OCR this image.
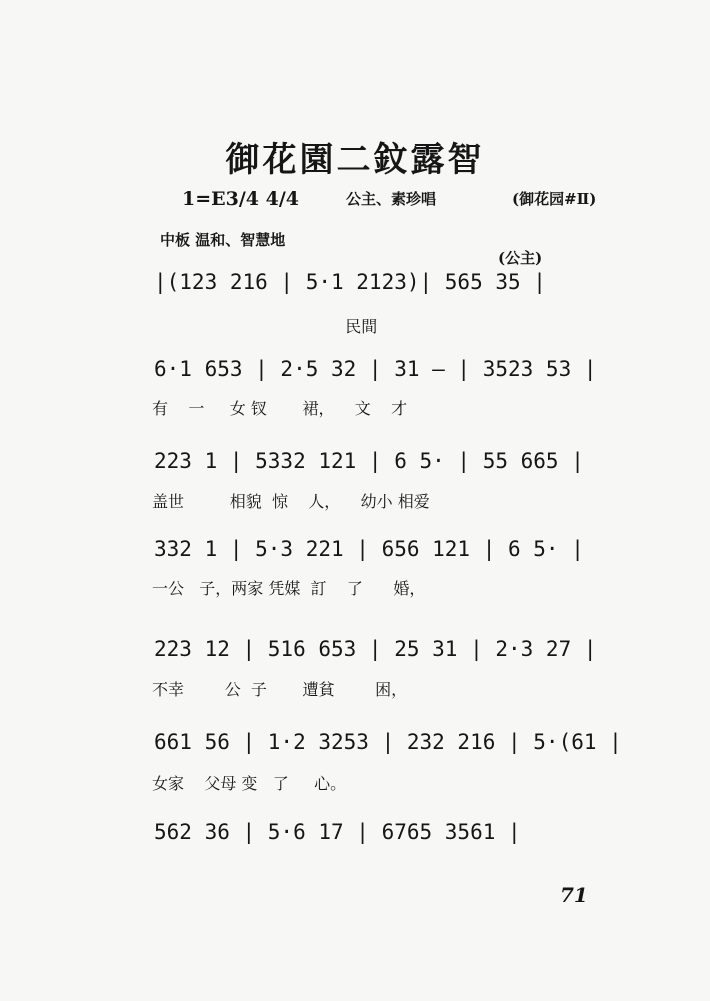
御花園二鈫露智
1=E3/4 4/4	公主、素珍唱	(御花园#Ⅱ)
中板 温和、智慧地
(公主)
|(123 216 | 5·1 2123)| 565 35 |
民間
6·1 653 | 2·5 32 | 31 — | 3523 53 |
有    一     女 钗       裙，    文    才
223 1 | 5332 121 | 6 5· | 55 665 |
盖世         相貌  惊    人，    幼小 相爱
332 1 | 5·3 221 | 656 121 | 6 5· |
一公   子，两家 凭媒  訂    了      婚，
223 12 | 516 653 | 25 31 | 2·3 27 |
不幸        公  子       遭貧        困，
661 56 | 1·2 3253 | 232 216 | 5·(61 |
女家    父母 变   了     心。
562 36 | 5·6 17 | 6765 3561 |
71
